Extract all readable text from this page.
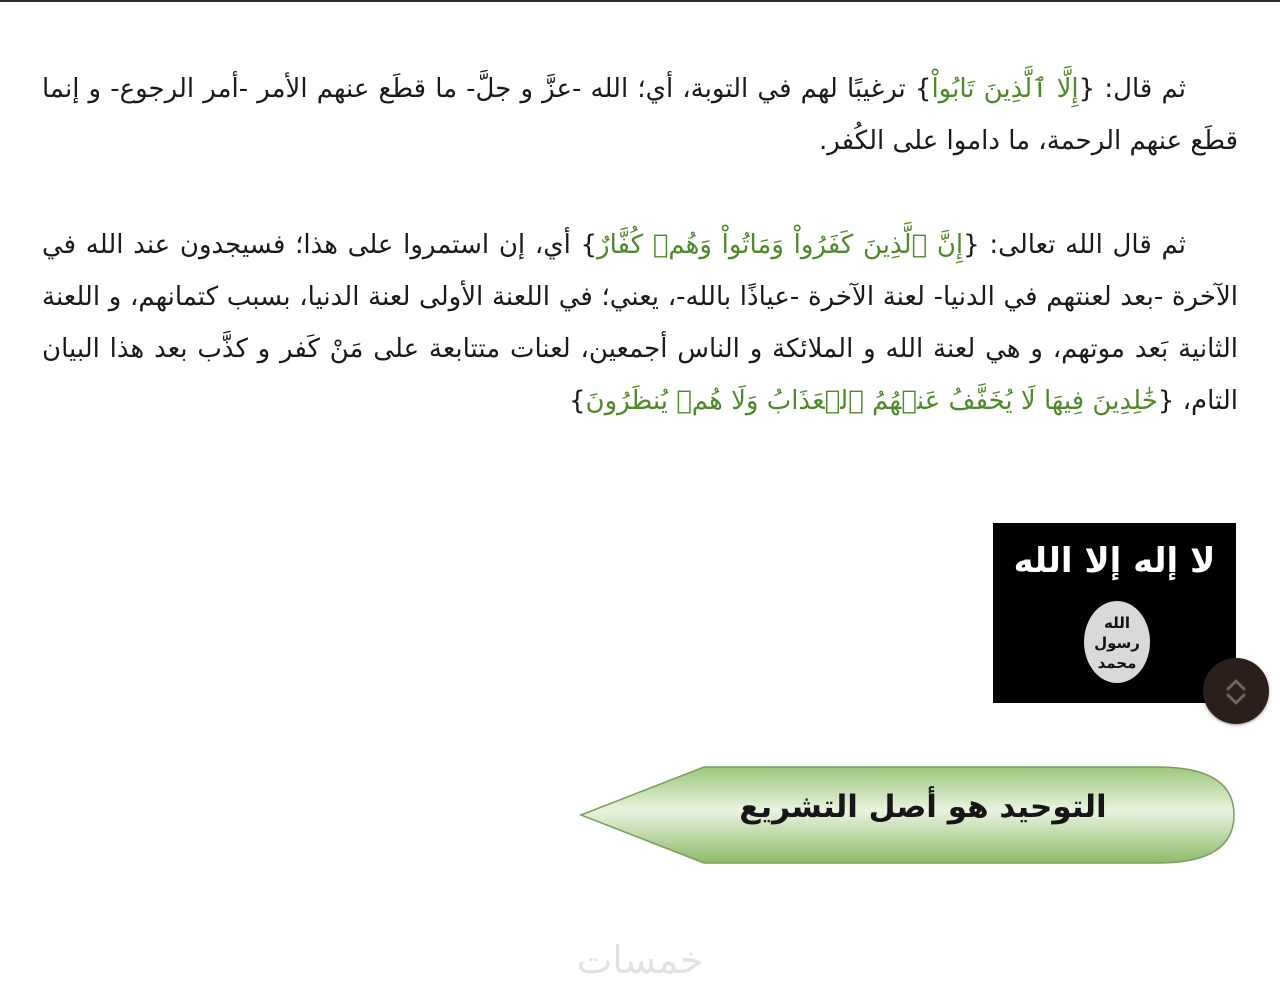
ثم قال: {إِلَّا ٱلَّذِينَ تَابُواْ} ترغيبًا لهم في التوبة، أي؛ الله -عزَّ و جلَّ- ما قطَع عنهم الأمر -أمر الرجوع- و إنما قطَع عنهم الرحمة، ما داموا على الكُفر.

ثم قال الله تعالى: {إِنَّ ٱلَّذِينَ كَفَرُواْ وَمَاتُواْ وَهُمۡ كُفَّارٌ} أي، إن استمروا على هذا؛ فسيجدون عند الله في الآخرة -بعد لعنتهم في الدنيا- لعنة الآخرة -عياذًا بالله-، يعني؛ في اللعنة الأولى لعنة الدنيا، بسبب كتمانهم، و اللعنة الثانية بَعد موتهم، و هي لعنة الله و الملائكة و الناس أجمعين، لعنات متتابعة على مَنْ كَفر و كذَّب بعد هذا البيان التام، {خَٰلِدِينَ فِيهَا لَا يُخَفَّفُ عَنۡهُمُ ٱلۡعَذَابُ وَلَا هُمۡ يُنظَرُونَ}

لا إله إلا الله
الله
رسول
محمد
التوحيد هو أصل التشريع
خمسات
